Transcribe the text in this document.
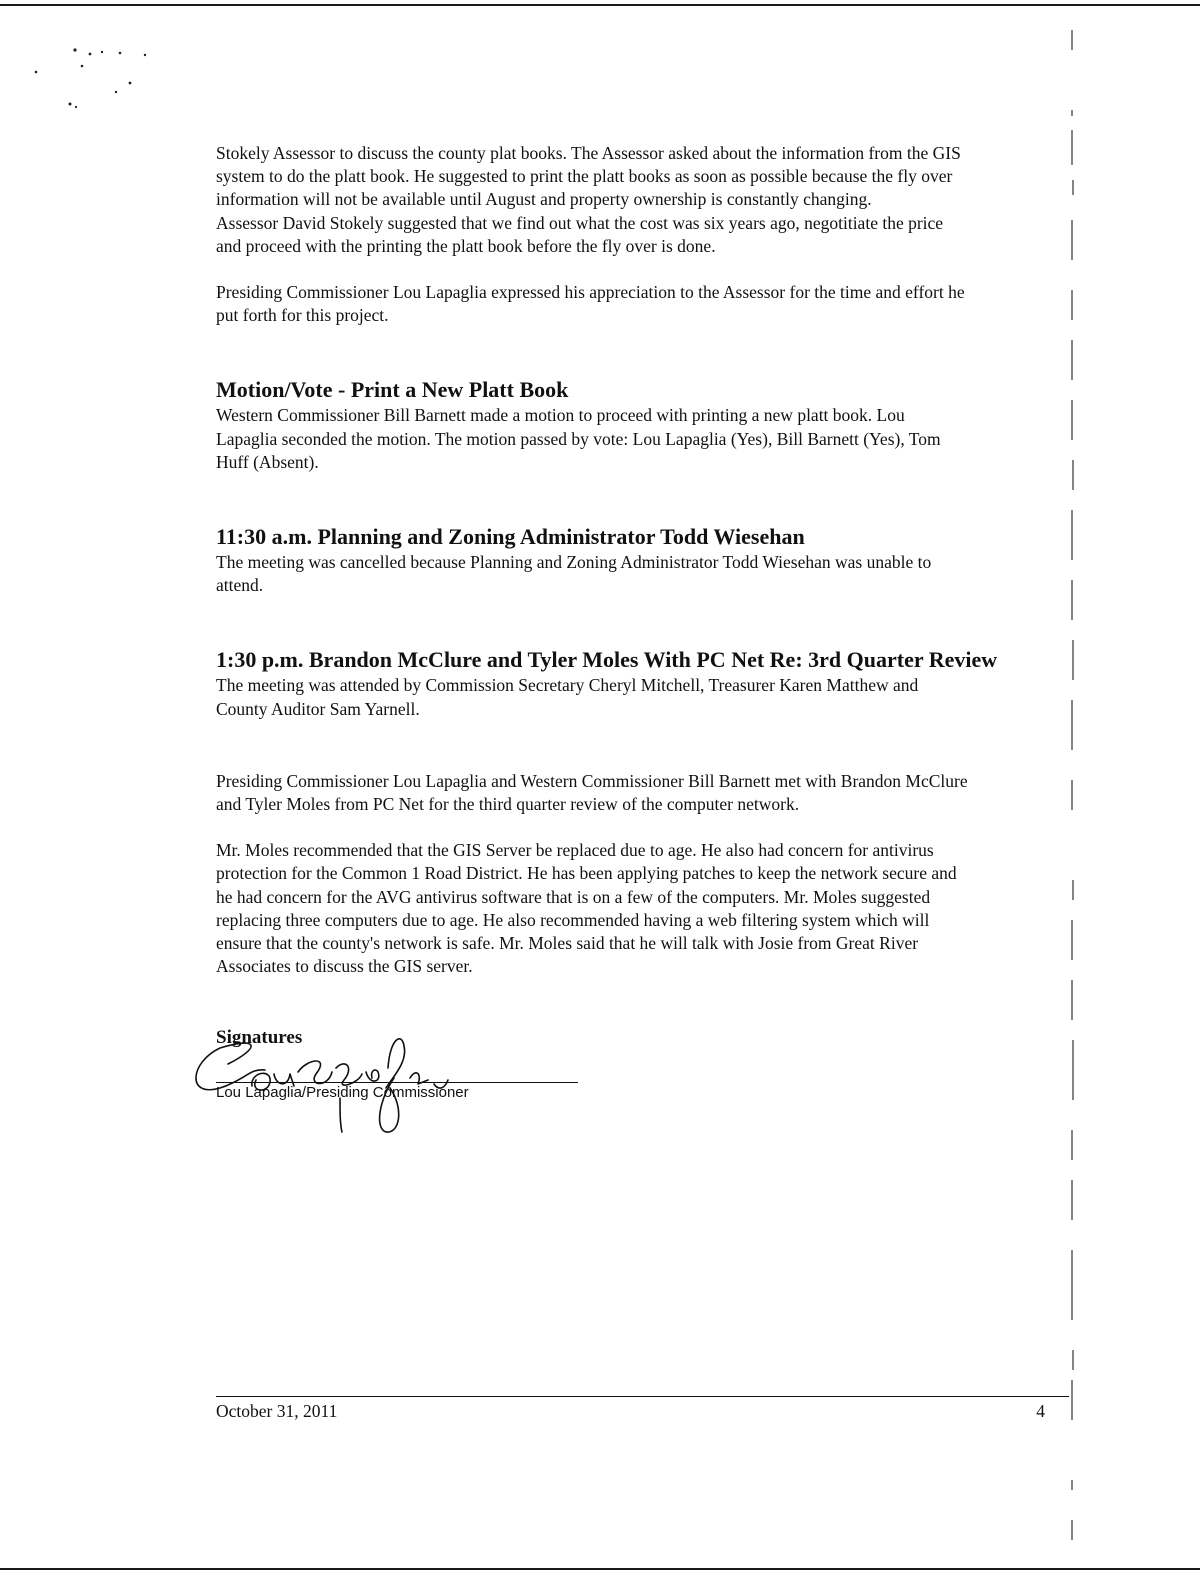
Stokely Assessor to discuss the county plat books. The Assessor asked about the information from the GIS
system to do the platt book. He suggested to print the platt books as soon as possible because the fly over
information will not be available until August and property ownership is constantly changing.
Assessor David Stokely suggested that we find out what the cost was six years ago, negotitiate the price
and proceed with the printing the platt book before the fly over is done.

Presiding Commissioner Lou Lapaglia expressed his appreciation to the Assessor for the time and effort he
put forth for this project.

Motion/Vote - Print a New Platt Book

Western Commissioner Bill Barnett made a motion to proceed with printing a new platt book. Lou
Lapaglia seconded the motion. The motion passed by vote: Lou Lapaglia (Yes), Bill Barnett (Yes), Tom
Huff (Absent).

11:30 a.m. Planning and Zoning Administrator Todd Wiesehan

The meeting was cancelled because Planning and Zoning Administrator Todd Wiesehan was unable to
attend.

1:30 p.m. Brandon McClure and Tyler Moles With PC Net Re: 3rd Quarter Review

The meeting was attended by Commission Secretary Cheryl Mitchell, Treasurer Karen Matthew and
County Auditor Sam Yarnell.

Presiding Commissioner Lou Lapaglia and Western Commissioner Bill Barnett met with Brandon McClure
and Tyler Moles from PC Net for the third quarter review of the computer network.

Mr. Moles recommended that the GIS Server be replaced due to age. He also had concern for antivirus
protection for the Common 1 Road District. He has been applying patches to keep the network secure and
he had concern for the AVG antivirus software that is on a few of the computers. Mr. Moles suggested
replacing three computers due to age. He also recommended having a web filtering system which will
ensure that the county's network is safe. Mr. Moles said that he will talk with Josie from Great River
Associates to discuss the GIS server.

Signatures
Lou Lapaglia/Presiding Commissioner
October 31, 2011	4
